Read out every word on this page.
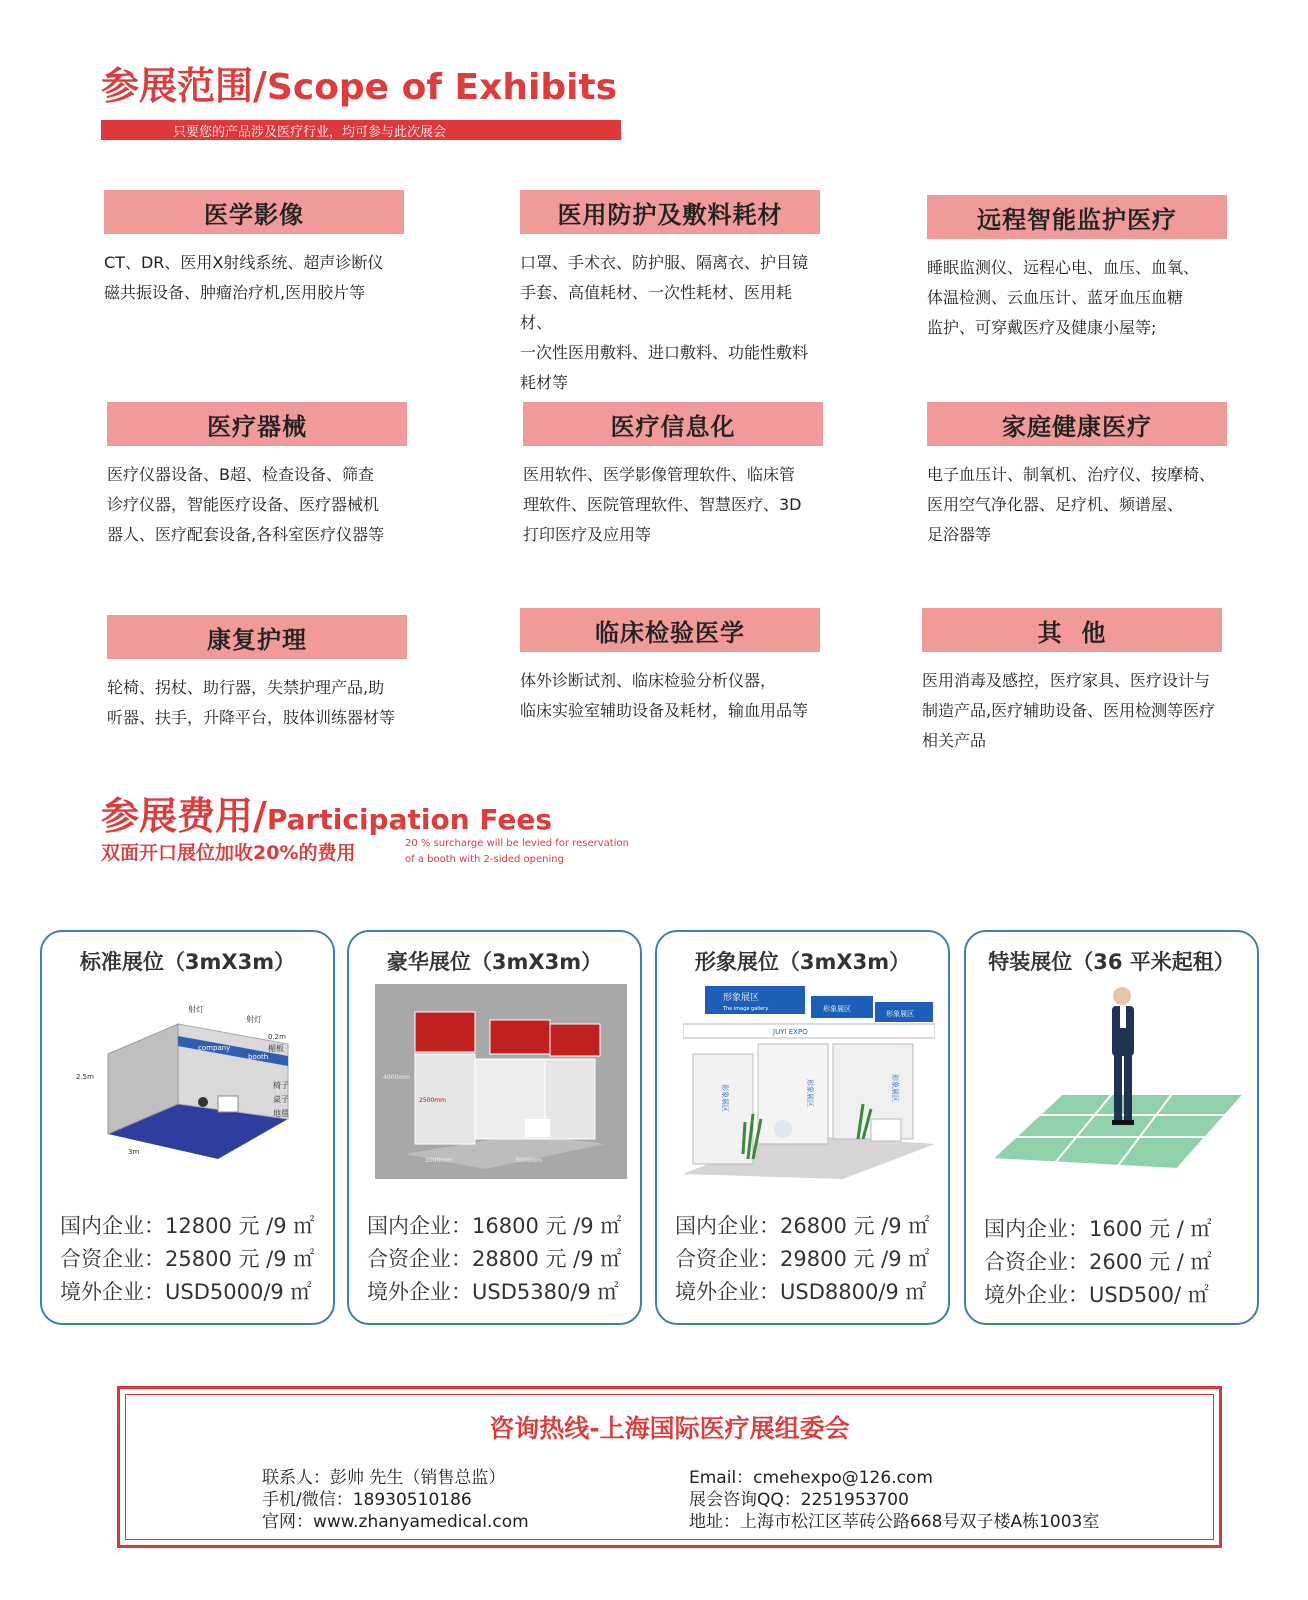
参展范围/Scope of Exhibits
只要您的产品涉及医疗行业，均可参与此次展会
医学影像
CT、DR、医用X射线系统、超声诊断仪
磁共振设备、肿瘤治疗机,医用胶片等
医用防护及敷料耗材
口罩、手术衣、防护服、隔离衣、护目镜
手套、高值耗材、一次性耗材、医用耗材、
一次性医用敷料、进口敷料、功能性敷料
耗材等
远程智能监护医疗
睡眠监测仪、远程心电、血压、血氧、
体温检测、云血压计、蓝牙血压血糖
监护、可穿戴医疗及健康小屋等;
医疗器械
医疗仪器设备、B超、检查设备、筛查
诊疗仪器，智能医疗设备、医疗器械机
器人、医疗配套设备,各科室医疗仪器等
医疗信息化
医用软件、医学影像管理软件、临床管
理软件、医院管理软件、智慧医疗、3D
打印医疗及应用等
家庭健康医疗
电子血压计、制氧机、治疗仪、按摩椅、
医用空气净化器、足疗机、频谱屋、
足浴器等
康复护理
轮椅、拐杖、助行器，失禁护理产品,助
听器、扶手，升降平台，肢体训练器材等
临床检验医学
体外诊断试剂、临床检验分析仪器，
临床实验室辅助设备及耗材，输血用品等
其  他
医用消毒及感控，医疗家具、医疗设计与
制造产品,医疗辅助设备、医用检测等医疗
相关产品
参展费用/Participation Fees
双面开口展位加收20%的费用	20 % surcharge will be levied for reservation
of a booth with 2-sided opening
标准展位（3mX3m）
company
booth
射灯
射灯
0.2m
楣板
椅子
桌子
地毯
2.5m
3m
国内企业：12800 元 /9 ㎡
合资企业：25800 元 /9 ㎡
境外企业：USD5000/9 ㎡
豪华展位（3mX3m）
4000mm
2500mm
3000mm	3000mm
国内企业：16800 元 /9 ㎡
合资企业：28800 元 /9 ㎡
境外企业：USD5380/9 ㎡
形象展位（3mX3m）
形象展区
The image gallery	形象展区
形象展区
JUYI EXPO
形象展区	形象展区	形象展区
国内企业：26800 元 /9 ㎡
合资企业：29800 元 /9 ㎡
境外企业：USD8800/9 ㎡
特装展位（36 平米起租）
国内企业：1600 元 / ㎡
合资企业：2600 元 / ㎡
境外企业：USD500/ ㎡
咨询热线-上海国际医疗展组委会
联系人：彭帅 先生（销售总监）
手机/微信：18930510186
官网：www.zhanyamedical.com
Email：cmehexpo@126.com
展会咨询QQ：2251953700
地址：上海市松江区莘砖公路668号双子楼A栋1003室
